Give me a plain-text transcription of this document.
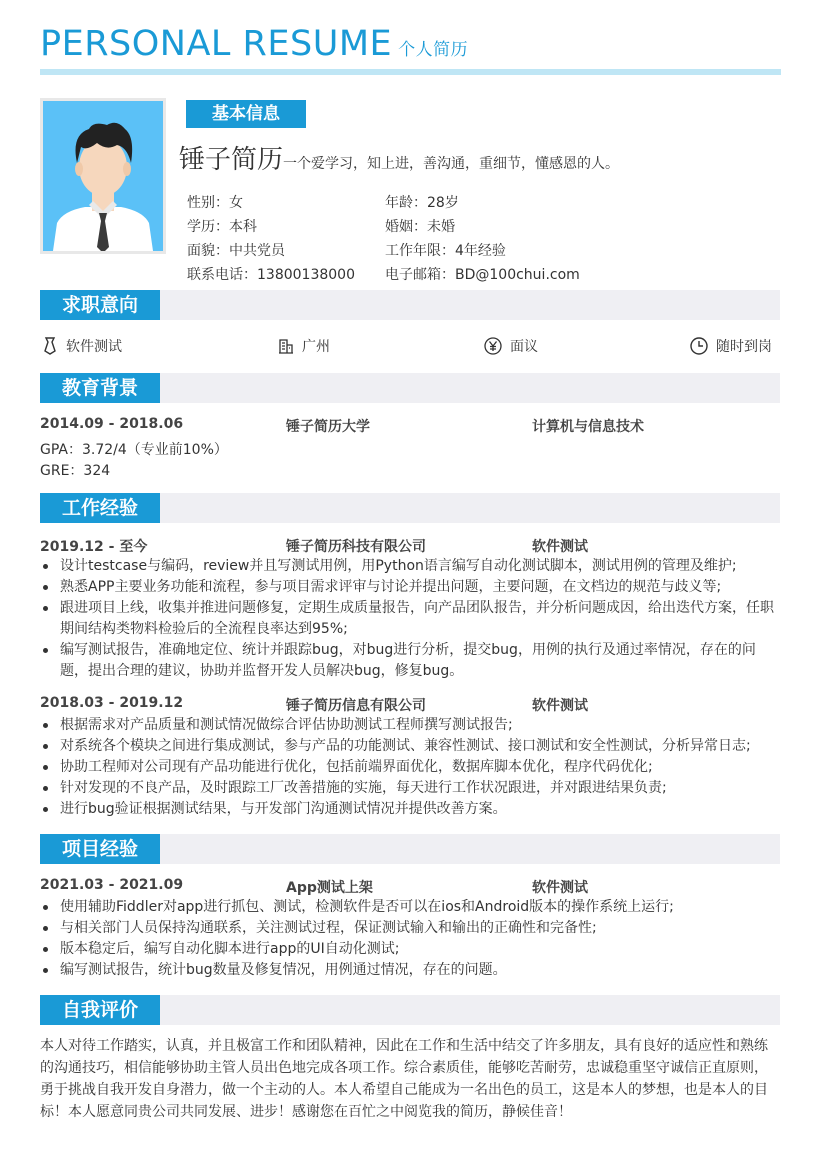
PERSONAL RESUME 个人简历
基本信息
锤子简历一个爱学习，知上进，善沟通，重细节，懂感恩的人。
性别：女	年龄：28岁
学历：本科	婚姻：未婚
面貌：中共党员	工作年限：4年经验
联系电话：13800138000 电子邮箱：BD@100chui.com
求职意向
软件测试	广州	面议	随时到岗
教育背景
2014.09 - 2018.06	锤子简历大学	计算机与信息技术
GPA：3.72/4（专业前10%）
GRE：324
工作经验
2019.12 - 至今	锤子简历科技有限公司	软件测试
设计testcase与编码，review并且写测试用例，用Python语言编写自动化测试脚本，测试用例的管理及维护;
熟悉APP主要业务功能和流程，参与项目需求评审与讨论并提出问题，主要问题，在文档边的规范与歧义等;
跟进项目上线，收集并推进问题修复，定期生成质量报告，向产品团队报告，并分析问题成因，给出迭代方案，任职期间结构类物料检验后的全流程良率达到95%;
编写测试报告，准确地定位、统计并跟踪bug，对bug进行分析，提交bug，用例的执行及通过率情况，存在的问题，提出合理的建议，协助并监督开发人员解决bug，修复bug。
2018.03 - 2019.12	锤子简历信息有限公司	软件测试
根据需求对产品质量和测试情况做综合评估协助测试工程师撰写测试报告;
对系统各个模块之间进行集成测试，参与产品的功能测试、兼容性测试、接口测试和安全性测试，分析异常日志;
协助工程师对公司现有产品功能进行优化，包括前端界面优化，数据库脚本优化，程序代码优化;
针对发现的不良产品，及时跟踪工厂改善措施的实施，每天进行工作状况跟进，并对跟进结果负责;
进行bug验证根据测试结果，与开发部门沟通测试情况并提供改善方案。
项目经验
2021.03 - 2021.09	App测试上架	软件测试
使用辅助Fiddler对app进行抓包、测试，检测软件是否可以在ios和Android版本的操作系统上运行;
与相关部门人员保持沟通联系，关注测试过程，保证测试输入和输出的正确性和完备性;
版本稳定后，编写自动化脚本进行app的UI自动化测试;
编写测试报告，统计bug数量及修复情况，用例通过情况，存在的问题。
自我评价
本人对待工作踏实，认真，并且极富工作和团队精神，因此在工作和生活中结交了许多朋友，具有良好的适应性和熟练的沟通技巧，相信能够协助主管人员出色地完成各项工作。综合素质佳，能够吃苦耐劳，忠诚稳重坚守诚信正直原则，勇于挑战自我开发自身潜力，做一个主动的人。本人希望自己能成为一名出色的员工，这是本人的梦想，也是本人的目标！本人愿意同贵公司共同发展、进步！感谢您在百忙之中阅览我的简历，静候佳音！
